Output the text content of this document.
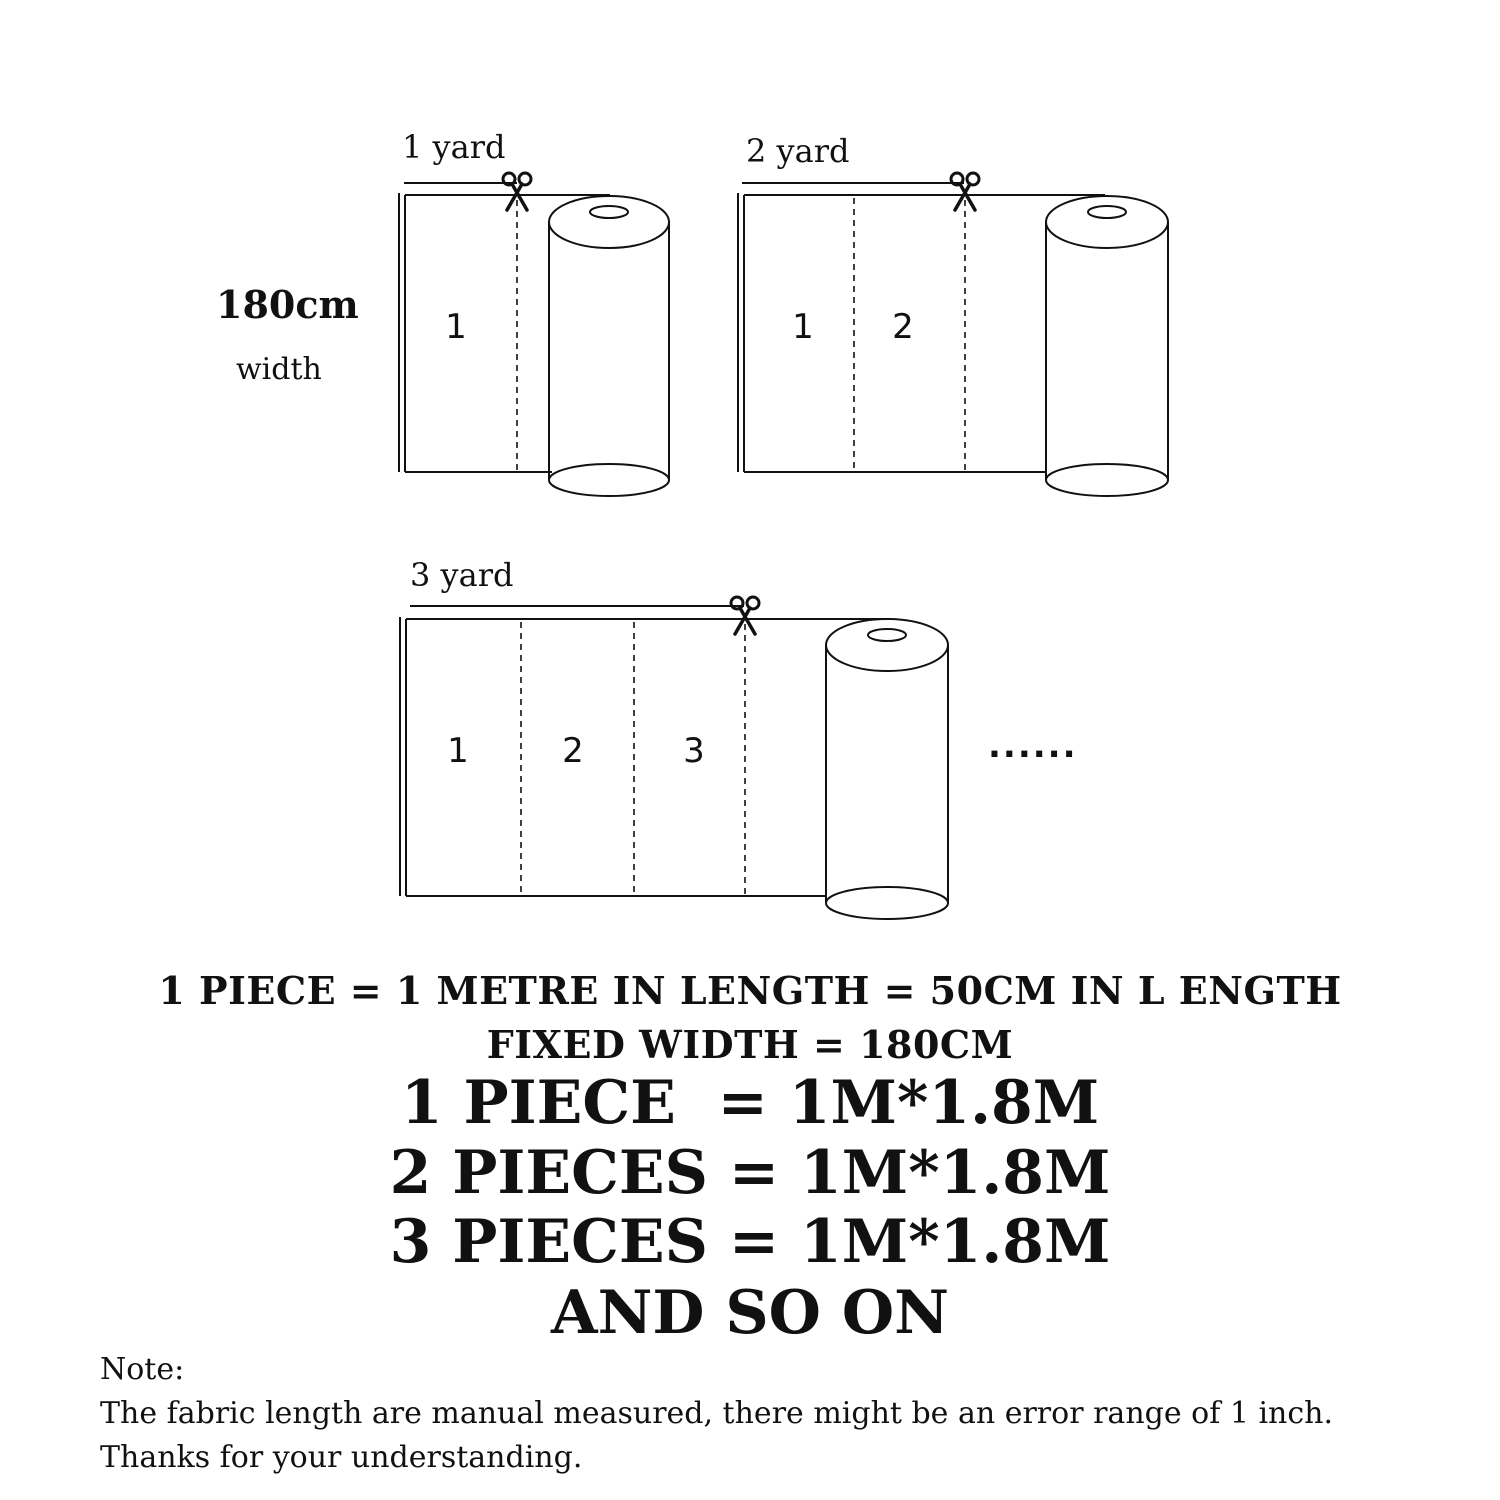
1 yard
1
2 yard
1 2
3 yard
1	2	3	......
180cm
width
1 PIECE = 1 METRE IN LENGTH = 50CM IN L ENGTH
FIXED WIDTH = 180CM
1 PIECE  = 1M*1.8M
2 PIECES = 1M*1.8M
3 PIECES = 1M*1.8M
AND SO ON
Note:
The fabric length are manual measured, there might be an error range of 1 inch.
Thanks for your understanding.
